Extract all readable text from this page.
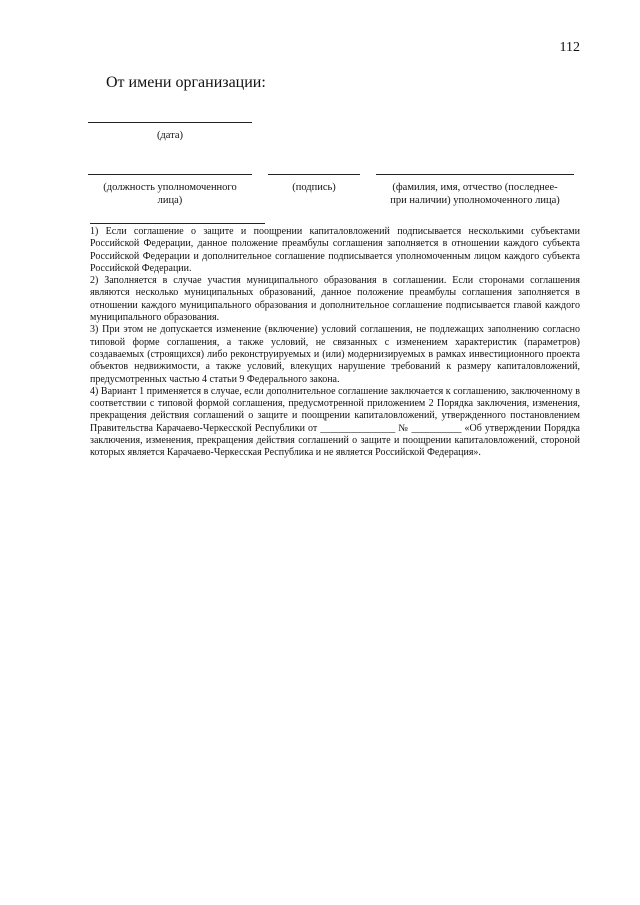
112
От имени организации:
(дата)
(должность уполномоченного
лица)
(подпись)	(фамилия, имя, отчество (последнее-
при наличии) уполномоченного лица)

1) Если соглашение о защите и поощрении капиталовложений подписывается несколькими субъектами Российской Федерации, данное положение преамбулы соглашения заполняется в отношении каждого субъекта Российской Федерации и дополнительное соглашение подписывается уполномоченным лицом каждого субъекта Российской Федерации.

2) Заполняется в случае участия муниципального образования в соглашении. Если сторонами соглашения являются несколько муниципальных образований, данное положение преамбулы соглашения заполняется в отношении каждого муниципального образования и дополнительное соглашение подписывается главой каждого муниципального образования.

3) При этом не допускается изменение (включение) условий соглашения, не подлежащих заполнению согласно типовой форме соглашения, а также условий, не связанных с изменением характеристик (параметров) создаваемых (строящихся) либо реконструируемых и (или) модернизируемых в рамках инвестиционного проекта объектов недвижимости, а также условий, влекущих нарушение требований к размеру капиталовложений, предусмотренных частью 4 статьи 9 Федерального закона.

4) Вариант 1 применяется в случае, если дополнительное соглашение заключается к соглашению, заключенному в соответствии с типовой формой соглашения, предусмотренной приложением 2 Порядка заключения, изменения, прекращения действия соглашений о защите и поощрении капиталовложений, утвержденного постановлением Правительства Карачаево-Черкесской Республики от _______________ № __________ «Об утверждении Порядка заключения, изменения, прекращения действия соглашений о защите и поощрении капиталовложений, стороной которых является Карачаево-Черкесская Республика и не является Российской Федерация».
